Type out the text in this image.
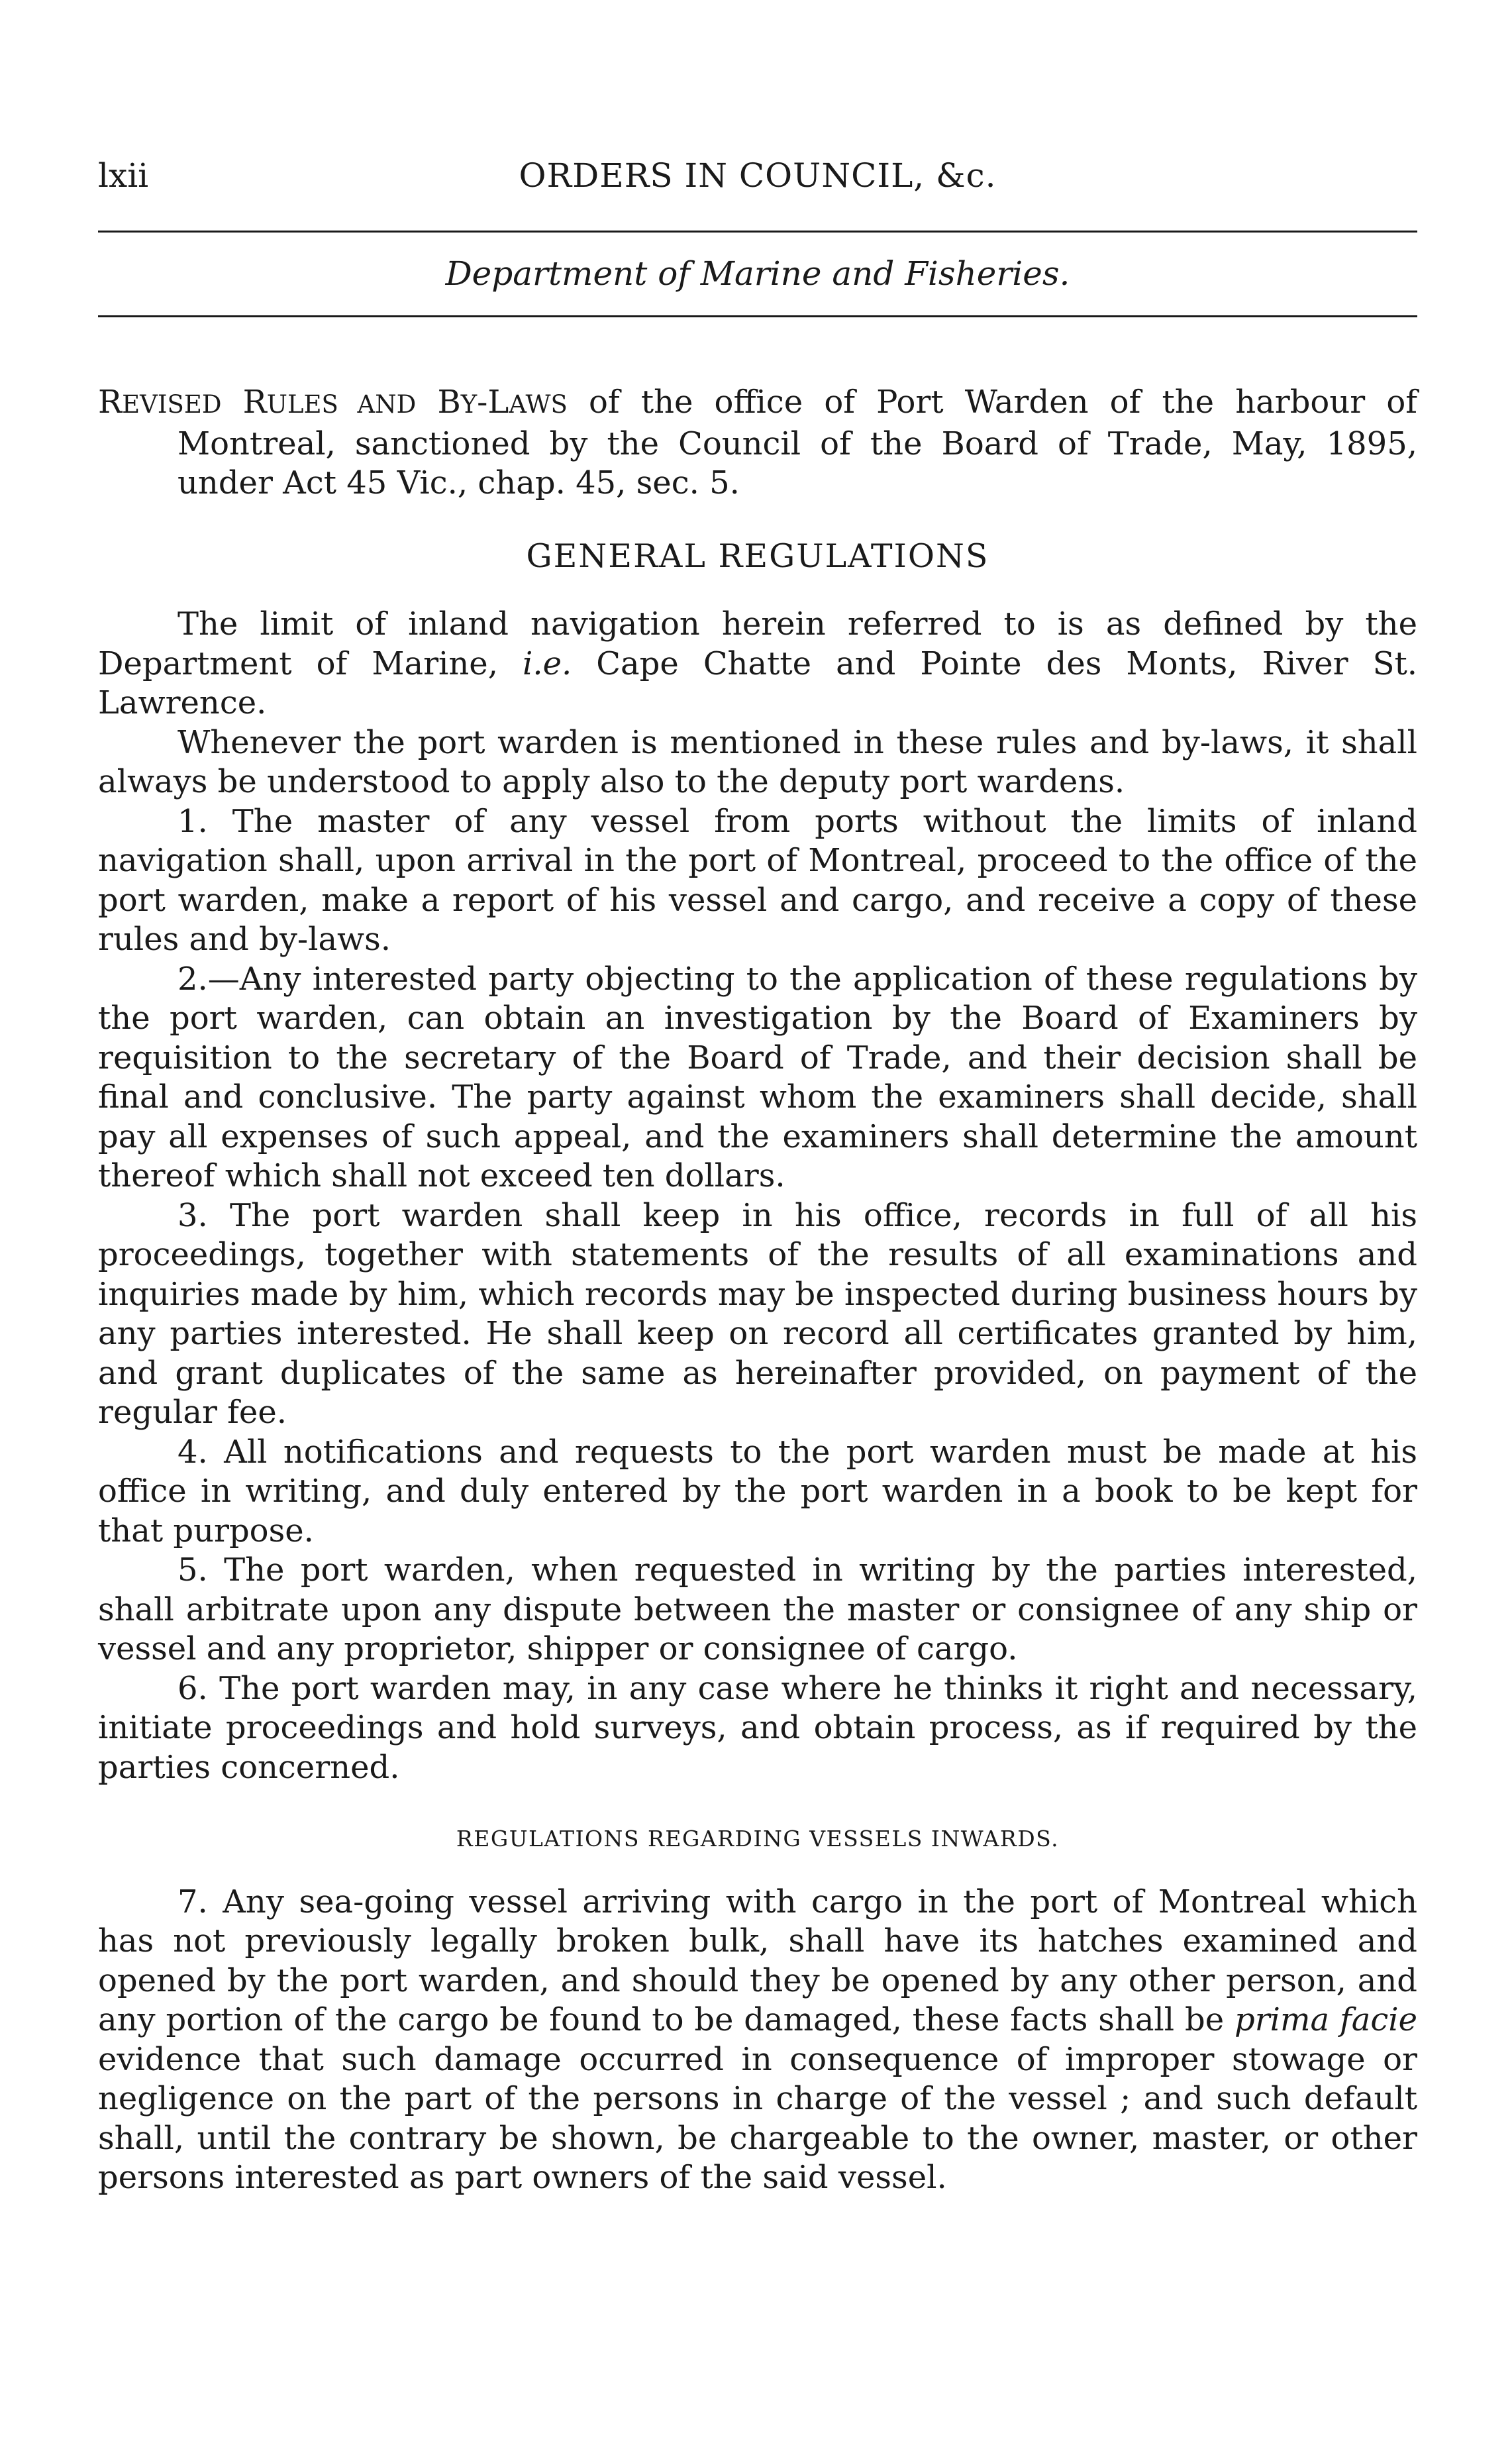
lxii	ORDERS IN COUNCIL, &c.
Department of Marine and Fisheries.

REVISED RULES AND BY-LAWS of the office of Port Warden of the harbour of Montreal, sanctioned by the Council of the Board of Trade, May, 1895, under Act 45 Vic., chap. 45, sec. 5.

GENERAL REGULATIONS

The limit of inland navigation herein referred to is as defined by the Department of Marine, i.e. Cape Chatte and Pointe des Monts, River St. Lawrence.

Whenever the port warden is mentioned in these rules and by-laws, it shall always be understood to apply also to the deputy port wardens.

1. The master of any vessel from ports without the limits of inland navigation shall, upon arrival in the port of Montreal, proceed to the office of the port warden, make a report of his vessel and cargo, and receive a copy of these rules and by-laws.

2.—Any interested party objecting to the application of these regulations by the port warden, can obtain an investigation by the Board of Examiners by requisition to the secretary of the Board of Trade, and their decision shall be final and conclusive. The party against whom the examiners shall decide, shall pay all expenses of such appeal, and the examiners shall determine the amount thereof which shall not exceed ten dollars.

3. The port warden shall keep in his office, records in full of all his proceedings, together with statements of the results of all examinations and inquiries made by him, which records may be inspected during business hours by any parties interested. He shall keep on record all certificates granted by him, and grant duplicates of the same as hereinafter provided, on payment of the regular fee.

4. All notifications and requests to the port warden must be made at his office in writing, and duly entered by the port warden in a book to be kept for that purpose.

5. The port warden, when requested in writing by the parties interested, shall arbitrate upon any dispute between the master or consignee of any ship or vessel and any proprietor, shipper or consignee of cargo.

6. The port warden may, in any case where he thinks it right and necessary, initiate proceedings and hold surveys, and obtain process, as if required by the parties concerned.

REGULATIONS REGARDING VESSELS INWARDS.

7. Any sea-going vessel arriving with cargo in the port of Montreal which has not previously legally broken bulk, shall have its hatches examined and opened by the port warden, and should they be opened by any other person, and any portion of the cargo be found to be damaged, these facts shall be prima facie evidence that such damage occurred in consequence of improper stowage or negligence on the part of the persons in charge of the vessel ; and such default shall, until the contrary be shown, be chargeable to the owner, master, or other persons interested as part owners of the said vessel.
